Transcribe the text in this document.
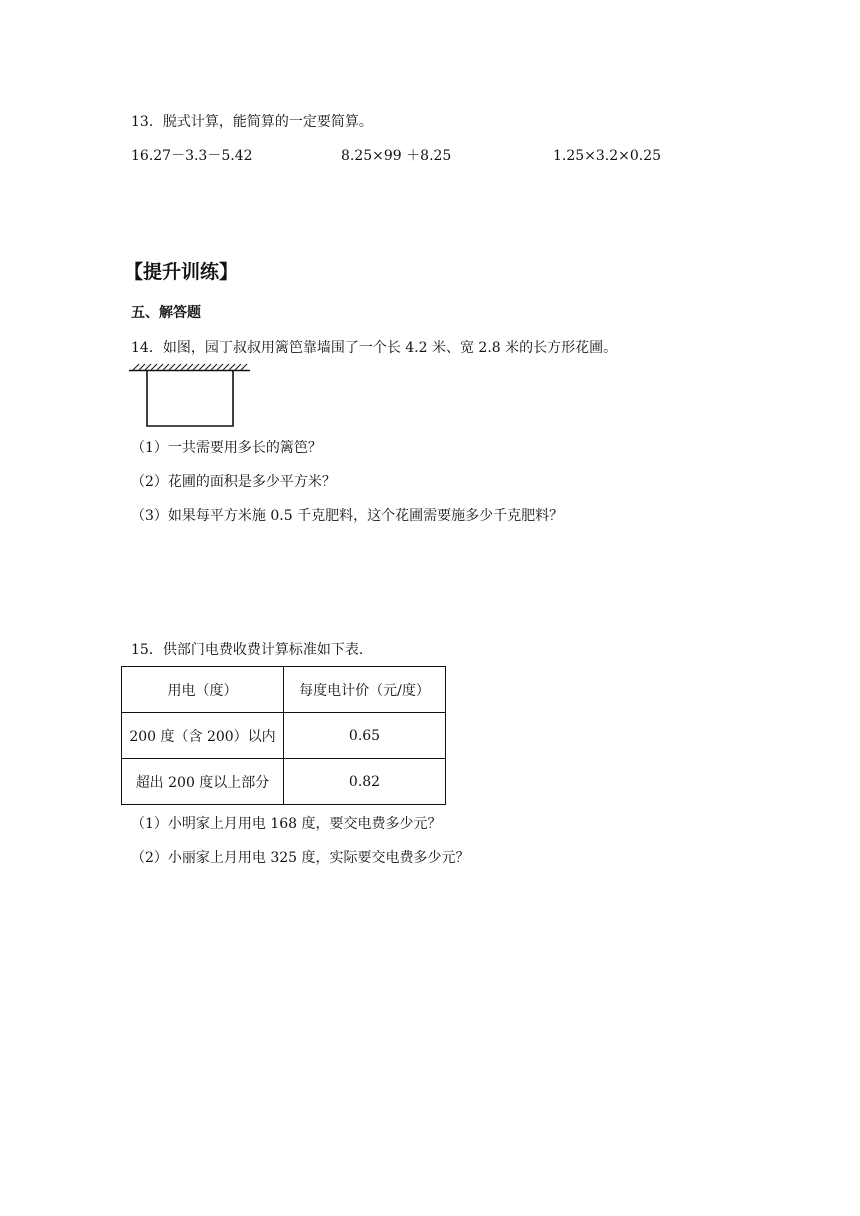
13．脱式计算，能简算的一定要简算。
16.27－3.3－5.42	8.25×99 ＋8.25	1.25×3.2×0.25
【提升训练】
五、解答题
14．如图，园丁叔叔用篱笆靠墙围了一个长 4.2 米、宽 2.8 米的长方形花圃。
（1）一共需要用多长的篱笆？
（2）花圃的面积是多少平方米？
（3）如果每平方米施 0.5 千克肥料，这个花圃需要施多少千克肥料？
15．供部门电费收费计算标准如下表.
用电（度）	每度电计价（元/度）
200 度（含 200）以内	0.65
超出 200 度以上部分	0.82
（1）小明家上月用电 168 度，要交电费多少元？
（2）小丽家上月用电 325 度，实际要交电费多少元？
